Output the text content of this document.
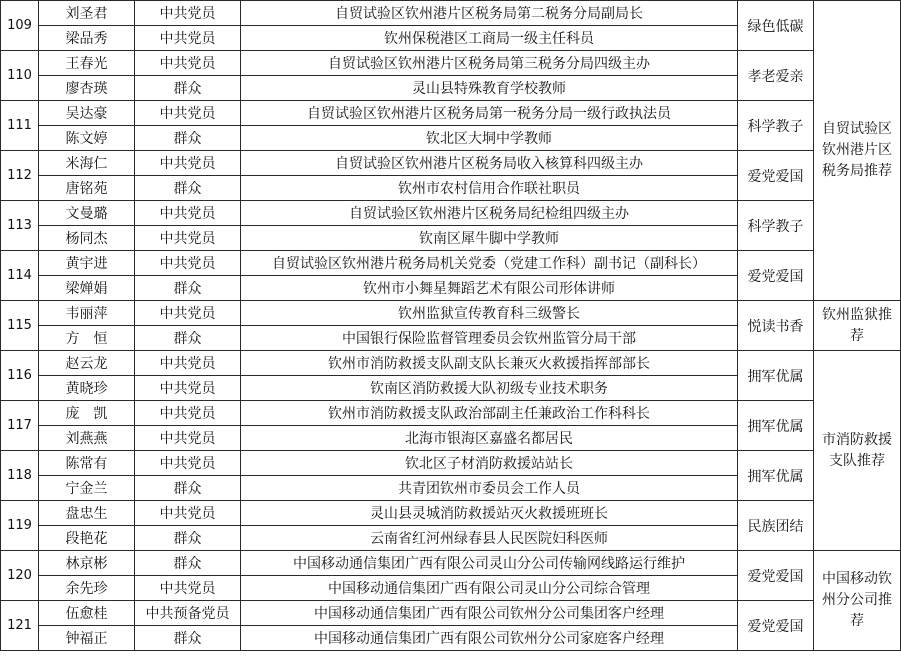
109	刘圣君	中共党员	自贸试验区钦州港片区税务局第二税务分局副局长	绿色低碳	自贸试验区钦州港片区税务局推荐
	梁品秀	中共党员	钦州保税港区工商局一级主任科员		
110	王春光	中共党员	自贸试验区钦州港片区税务局第三税务分局四级主办	孝老爱亲	
	廖杏瑛	群众	灵山县特殊教育学校教师		
111	吴达豪	中共党员	自贸试验区钦州港片区税务局第一税务分局一级行政执法员	科学教子	
	陈文婷	群众	钦北区大垌中学教师		
112	米海仁	中共党员	自贸试验区钦州港片区税务局收入核算科四级主办	爱党爱国	
	唐铭苑	群众	钦州市农村信用合作联社职员		
113	文曼璐	中共党员	自贸试验区钦州港片区税务局纪检组四级主办	科学教子	
	杨同杰	中共党员	钦南区犀牛脚中学教师		
114	黄宇进	中共党员	自贸试验区钦州港片税务局机关党委（党建工作科）副书记（副科长）	爱党爱国	
	梁婵娟	群众	钦州市小舞星舞蹈艺术有限公司形体讲师		
115	韦丽萍	中共党员	钦州监狱宣传教育科三级警长	悦读书香	钦州监狱推荐
	方　恒	群众	中国银行保险监督管理委员会钦州监管分局干部		
116	赵云龙	中共党员	钦州市消防救援支队副支队长兼灭火救援指挥部部长	拥军优属	市消防救援支队推荐
	黄晓珍	中共党员	钦南区消防救援大队初级专业技术职务		
117	庞　凯	中共党员	钦州市消防救援支队政治部副主任兼政治工作科科长	拥军优属	
	刘燕燕	中共党员	北海市银海区嘉盛名都居民		
118	陈常有	中共党员	钦北区子材消防救援站站长	拥军优属	
	宁金兰	群众	共青团钦州市委员会工作人员		
119	盘忠生	中共党员	灵山县灵城消防救援站灭火救援班班长	民族团结	
	段艳花	群众	云南省红河州绿春县人民医院妇科医师		
120	林京彬	群众	中国移动通信集团广西有限公司灵山分公司传输网线路运行维护	爱党爱国	中国移动钦州分公司推荐
	余先珍	中共党员	中国移动通信集团广西有限公司灵山分公司综合管理		
121	伍愈桂	中共预备党员	中国移动通信集团广西有限公司钦州分公司集团客户经理	爱党爱国	
	钟福正	群众	中国移动通信集团广西有限公司钦州分公司家庭客户经理		
